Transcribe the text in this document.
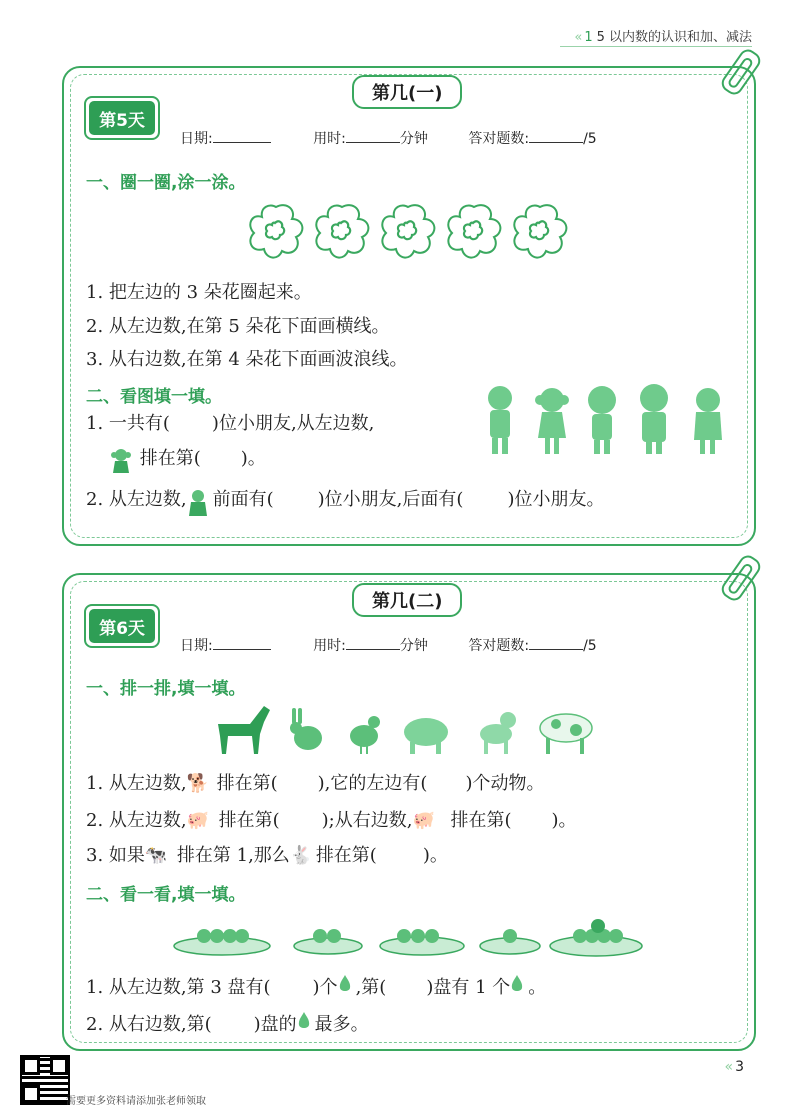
« 1 5 以内数的认识和加、减法
第几(一)
第5天
日期:	用时:	分钟	答对题数:	/5
一、圈一圈,涂一涂。
1. 把左边的 3 朵花圈起来。
2. 从左边数,在第 5 朵花下面画横线。
3. 从右边数,在第 4 朵花下面画波浪线。
二、看图填一填。
1. 一共有( )位小朋友,从左边数,
排在第( )。
2. 从左边数, 前面有( )位小朋友,后面有( )位小朋友。
第几(二)
第6天
日期:	用时:	分钟	答对题数:	/5
一、排一排,填一填。
1. 从左边数,🐕 排在第( ),它的左边有( )个动物。
2. 从左边数,🐖 排在第( );从右边数,🐖 排在第( )。
3. 如果🐄 排在第 1,那么🐇 排在第(	)。
二、看一看,填一填。
1. 从左边数,第 3 盘有( )个 ,第( )盘有 1 个 。
2. 从右边数,第( )盘的 最多。
« 3
需要更多资料请添加张老师领取
